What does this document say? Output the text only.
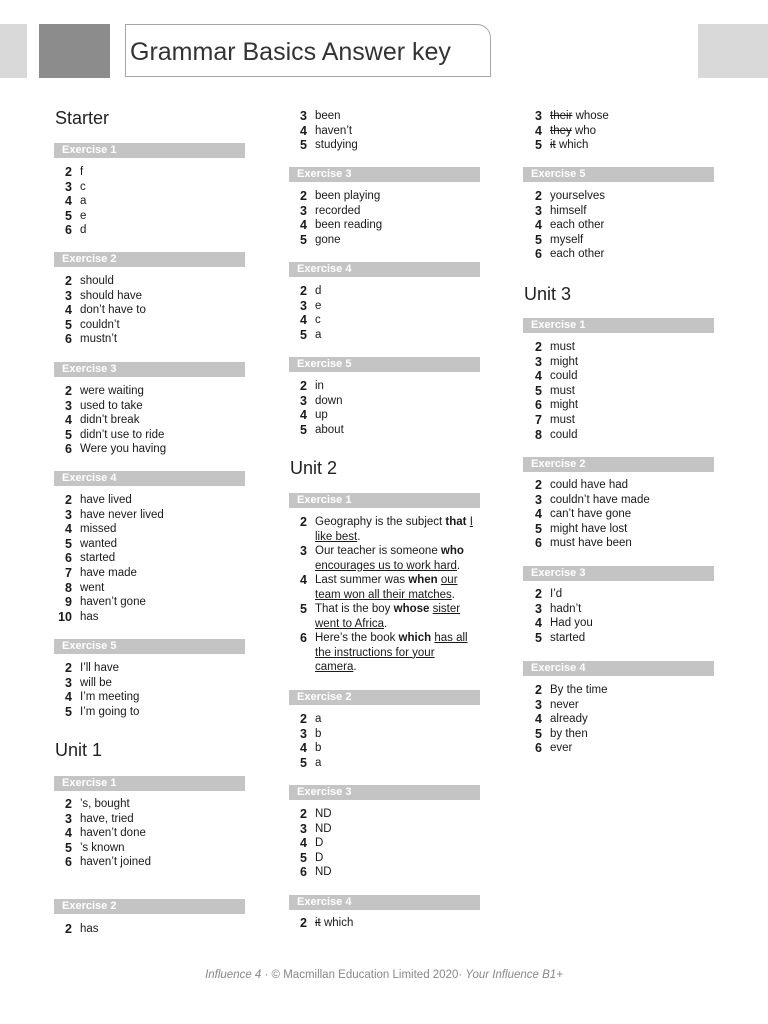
Grammar Basics Answer key
Starter
Exercise 1
2 f
3 c
4 a
5 e
6 d
Exercise 2
2 should
3 should have
4 don’t have to
5 couldn’t
6 mustn’t
Exercise 3
2 were waiting
3 used to take
4 didn’t break
5 didn’t use to ride
6 Were you having
Exercise 4
2 have lived
3 have never lived
4 missed
5 wanted
6 started
7 have made
8 went
9 haven’t gone
10 has
Exercise 5
2 I’ll have
3 will be
4 I’m meeting
5 I’m going to
Unit 1
Exercise 1
2 ’s, bought
3 have, tried
4 haven’t done
5 ’s known
6 haven’t joined
Exercise 2
2 has
3 been
4 haven’t
5 studying
Exercise 3
2 been playing
3 recorded
4 been reading
5 gone
Exercise 4
2 d
3 e
4 c
5 a
Exercise 5
2 in
3 down
4 up
5 about
Unit 2
Exercise 1
2 Geography is the subject that I like best.
3 Our teacher is someone who encourages us to work hard.
4 Last summer was when our team won all their matches.
5 That is the boy whose sister went to Africa.
6 Here’s the book which has all the instructions for your camera.
Exercise 2
2 a
3 b
4 b
5 a
Exercise 3
2 ND
3 ND
4 D
5 D
6 ND
Exercise 4
2 it which
3 their whose
4 they who
5 it which
Exercise 5
2 yourselves
3 himself
4 each other
5 myself
6 each other
Unit 3
Exercise 1
2 must
3 might
4 could
5 must
6 might
7 must
8 could
Exercise 2
2 could have had
3 couldn’t have made
4 can’t have gone
5 might have lost
6 must have been
Exercise 3
2 I’d
3 hadn’t
4 Had you
5 started
Exercise 4
2 By the time
3 never
4 already
5 by then
6 ever
Influence 4 · © Macmillan Education Limited 2020· Your Influence B1+
